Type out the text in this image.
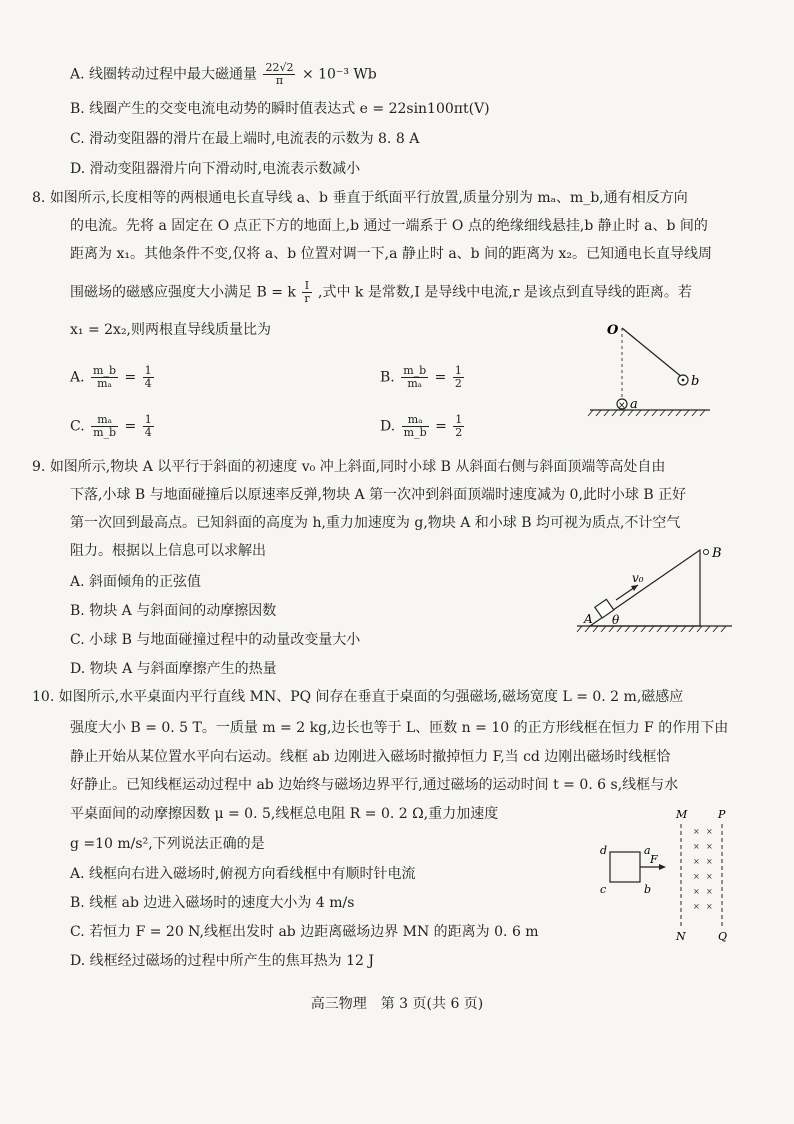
A. 线圈转动过程中最大磁通量 $\frac{22√2}{\pi} \times 10^{-3}$ Wb
B. 线圈产生的交变电流电动势的瞬时值表达式 e = 22sin100πt(V)
C. 滑动变阻器的滑片在最上端时,电流表的示数为 8. 8 A
D. 滑动变阻器滑片向下滑动时,电流表示数减小
8. 如图所示,长度相等的两根通电长直导线 a、b 垂直于纸面平行放置,质量分别为 mₐ、m_b,通有相反方向
的电流。先将 a 固定在 O 点正下方的地面上,b 通过一端系于 O 点的绝缘细线悬挂,b 静止时 a、b 间的
距离为 x₁。其他条件不变,仅将 a、b 位置对调一下,a 静止时 a、b 间的距离为 x₂。已知通电长直导线周
围磁场的磁感应强度大小满足 B = k $\frac{I}{r}$ ,式中 k 是常数,I 是导线中电流,r 是该点到直导线的距离。若
x₁ = 2x₂,则两根直导线质量比为
A. $\frac{m\_b}{\text{mₐ}} = \frac{1}{4}$	B. $\frac{m\_b}{\text{mₐ}} = \frac{1}{2}$
C. $\frac{\text{mₐ}}{m\_b} = \frac{1}{4}$	D. $\frac{\text{mₐ}}{m\_b} = \frac{1}{2}$
O
b
× a
9. 如图所示,物块 A 以平行于斜面的初速度 v₀ 冲上斜面,同时小球 B 从斜面右侧与斜面顶端等高处自由
下落,小球 B 与地面碰撞后以原速率反弹,物块 A 第一次冲到斜面顶端时速度减为 0,此时小球 B 正好
第一次回到最高点。已知斜面的高度为 h,重力加速度为 g,物块 A 和小球 B 均可视为质点,不计空气
阻力。根据以上信息可以求解出
A. 斜面倾角的正弦值
B. 物块 A 与斜面间的动摩擦因数
C. 小球 B 与地面碰撞过程中的动量改变量大小
D. 物块 A 与斜面摩擦产生的热量
v₀
A θ
B
10. 如图所示,水平桌面内平行直线 MN、PQ 间存在垂直于桌面的匀强磁场,磁场宽度 L = 0. 2 m,磁感应
强度大小 B = 0. 5 T。一质量 m = 2 kg,边长也等于 L、匝数 n = 10 的正方形线框在恒力 F 的作用下由
静止开始从某位置水平向右运动。线框 ab 边刚进入磁场时撤掉恒力 F,当 cd 边刚出磁场时线框恰
好静止。已知线框运动过程中 ab 边始终与磁场边界平行,通过磁场的运动时间 t = 0. 6 s,线框与水
平桌面间的动摩擦因数 μ = 0. 5,线框总电阻 R = 0. 2 Ω,重力加速度
g =10 m/s²,下列说法正确的是
A. 线框向右进入磁场时,俯视方向看线框中有顺时针电流
B. 线框 ab 边进入磁场时的速度大小为 4 m/s
C. 若恒力 F = 20 N,线框出发时 ab 边距离磁场边界 MN 的距离为 0. 6 m
D. 线框经过磁场的过程中所产生的焦耳热为 12 J
M	P
× ×
× ×
× ×
× ×
× ×
× ×
d	a
c	b
F
N	Q
高三物理　第 3 页(共 6 页)
